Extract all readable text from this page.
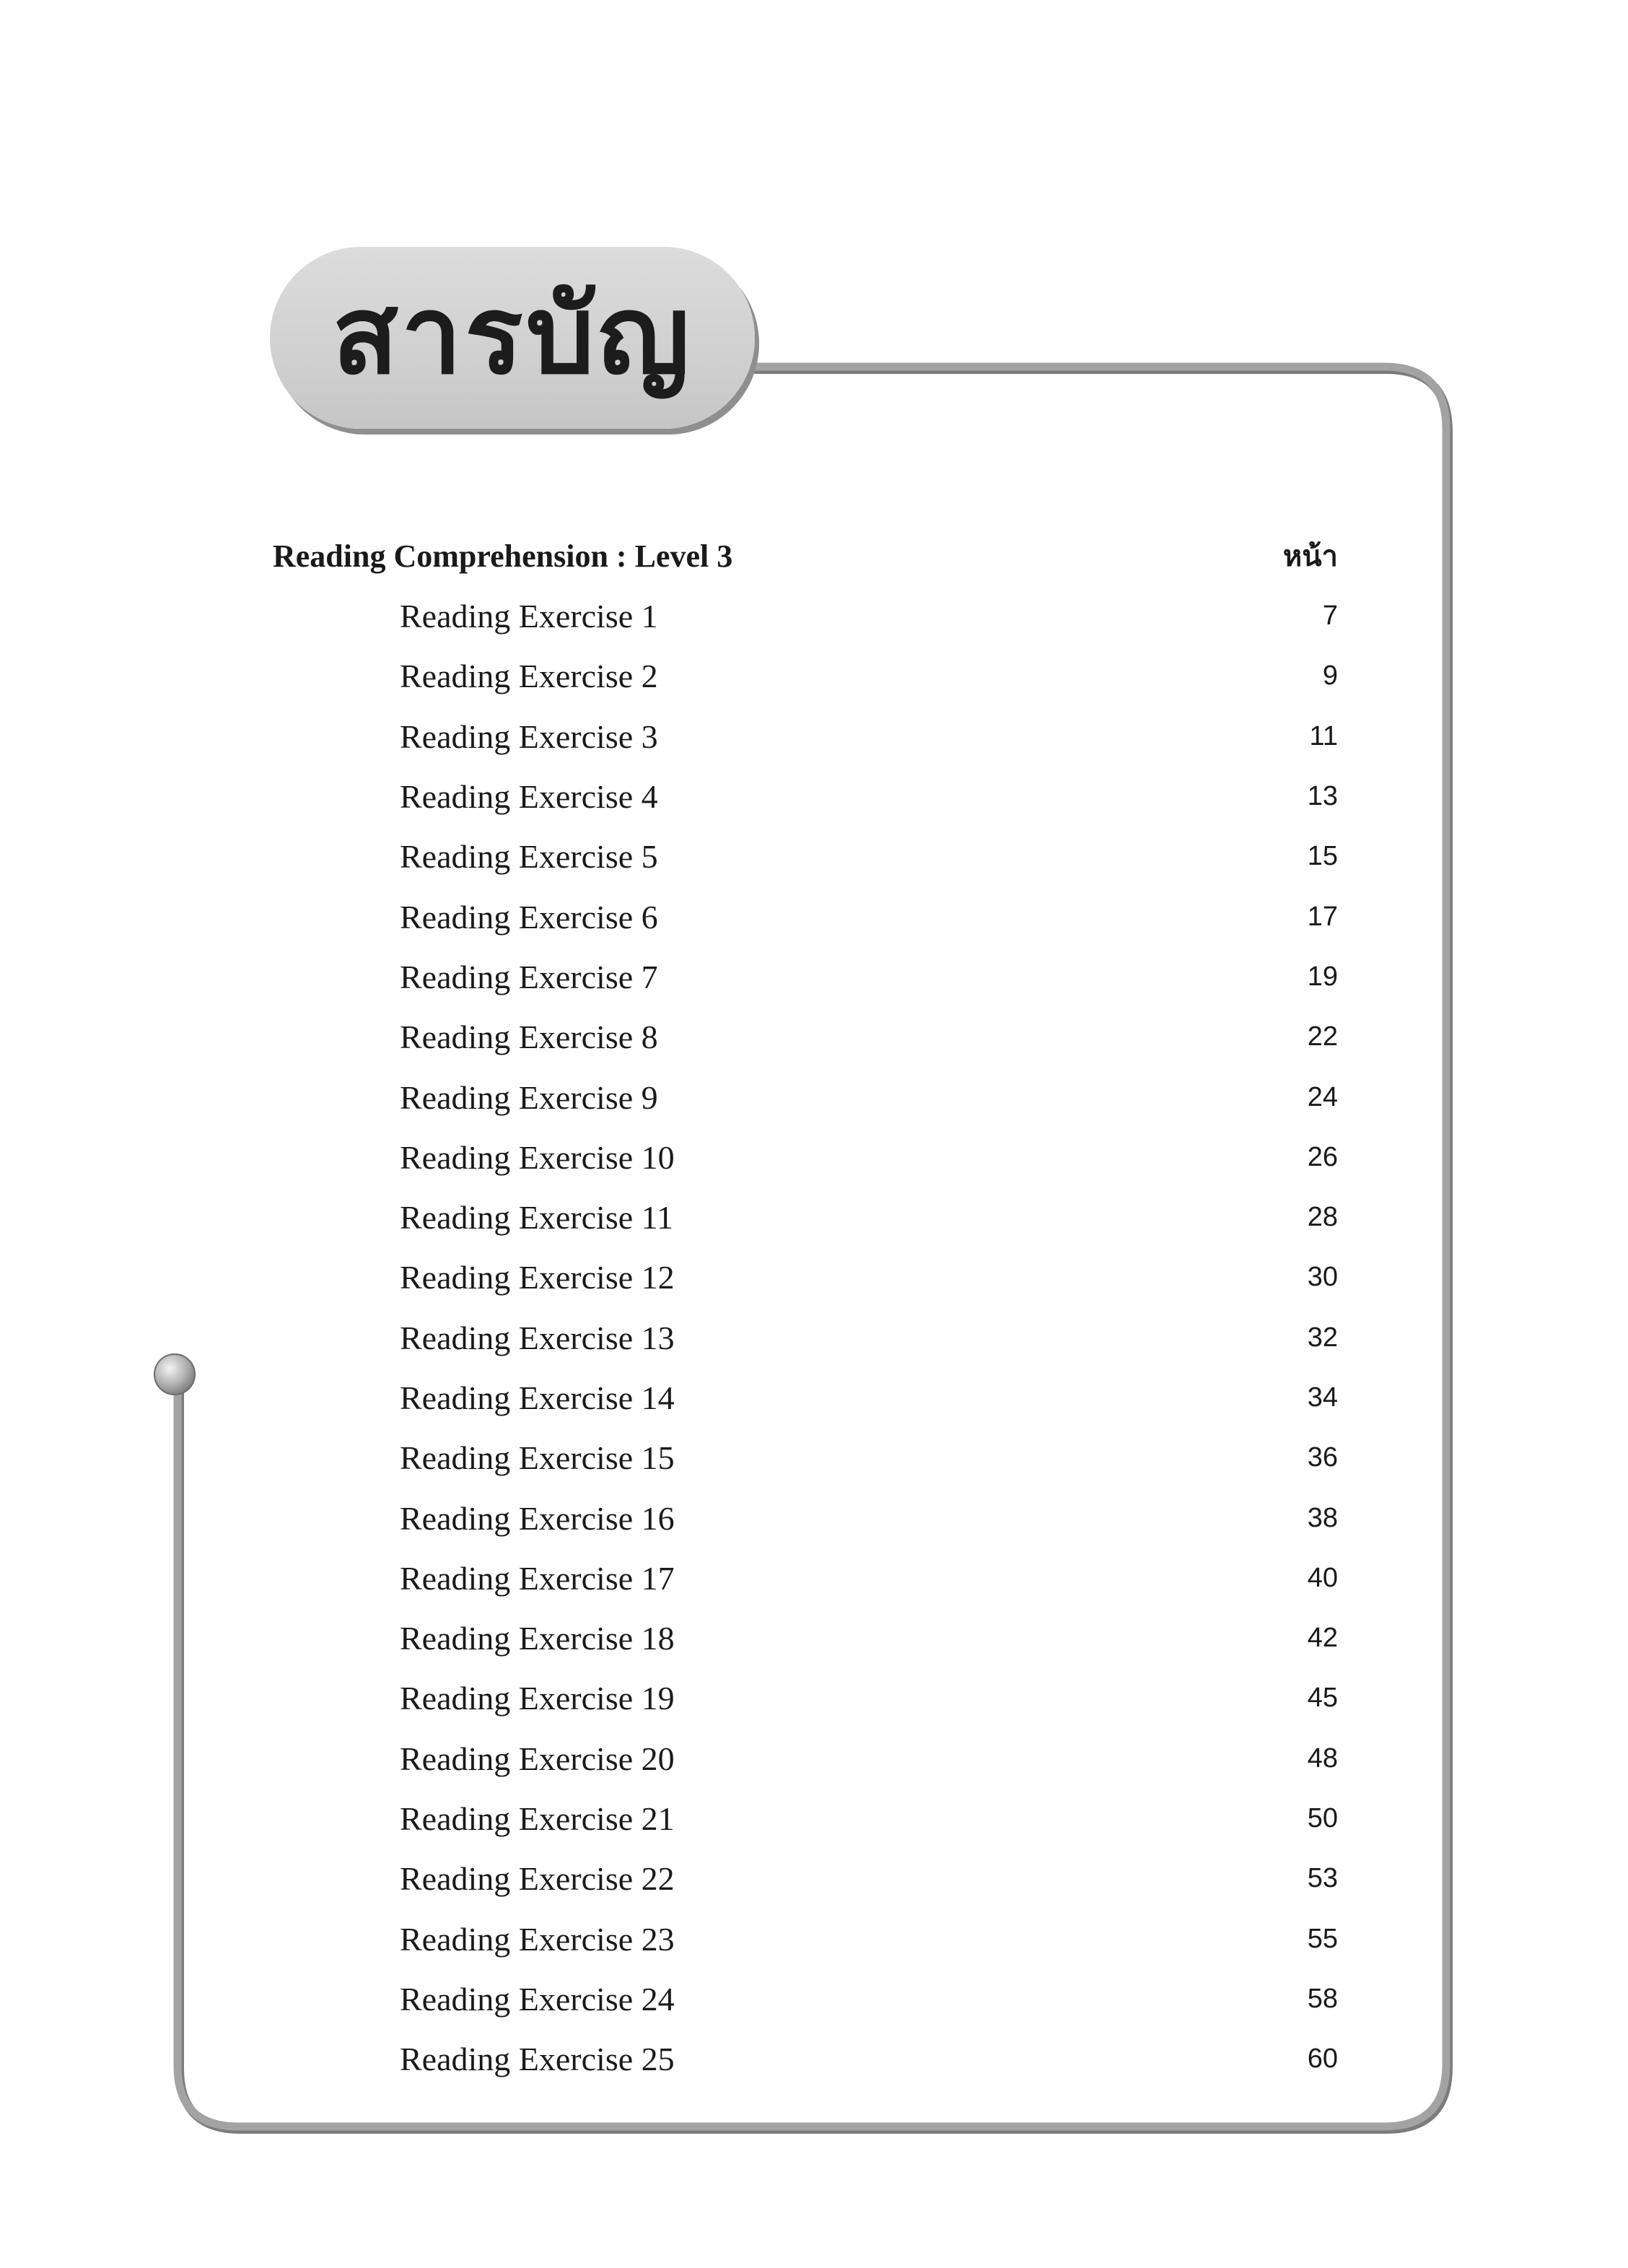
สารบัญ
Reading Comprehension : Level 3	หน้า
Reading Exercise 1	7
Reading Exercise 2	9
Reading Exercise 3	11
Reading Exercise 4	13
Reading Exercise 5	15
Reading Exercise 6	17
Reading Exercise 7	19
Reading Exercise 8	22
Reading Exercise 9	24
Reading Exercise 10	26
Reading Exercise 11	28
Reading Exercise 12	30
Reading Exercise 13	32
Reading Exercise 14	34
Reading Exercise 15	36
Reading Exercise 16	38
Reading Exercise 17	40
Reading Exercise 18	42
Reading Exercise 19	45
Reading Exercise 20	48
Reading Exercise 21	50
Reading Exercise 22	53
Reading Exercise 23	55
Reading Exercise 24	58
Reading Exercise 25	60
